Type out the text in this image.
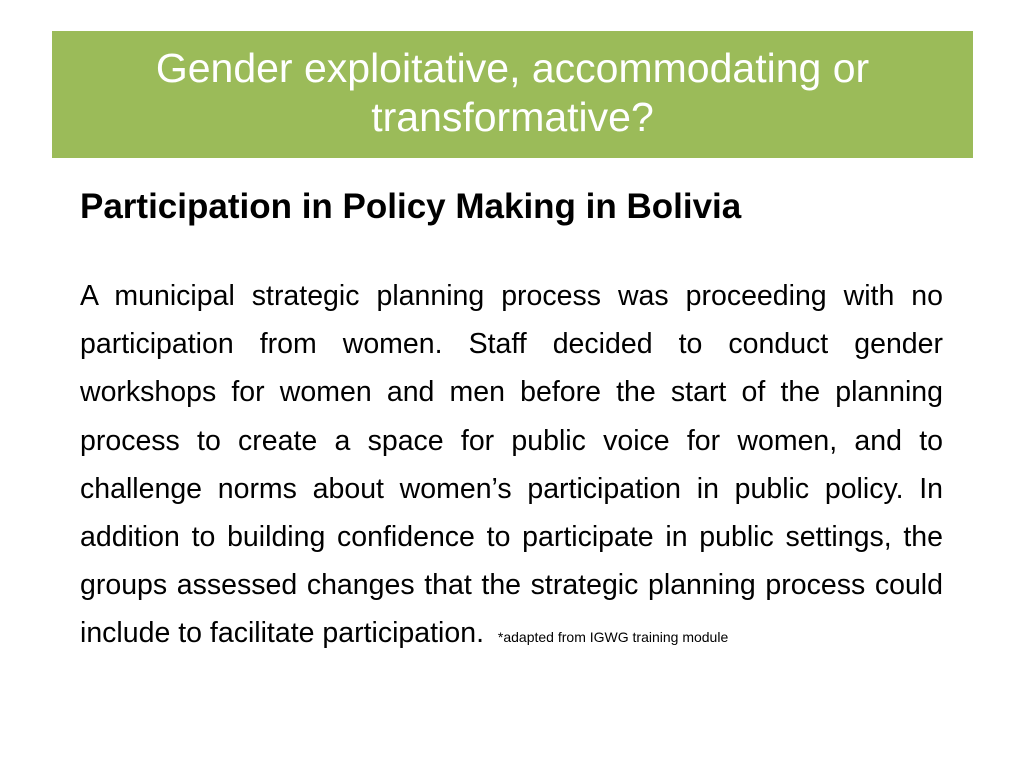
Gender exploitative, accommodating or transformative?
Participation in Policy Making in Bolivia
A municipal strategic planning process was proceeding with no participation from women. Staff decided to conduct gender workshops for women and men before the start of the planning process to create a space for public voice for women, and to challenge norms about women’s participation in public policy. In addition to building confidence to participate in public settings, the groups assessed changes that the strategic planning process could include to facilitate participation. *adapted from IGWG training module
